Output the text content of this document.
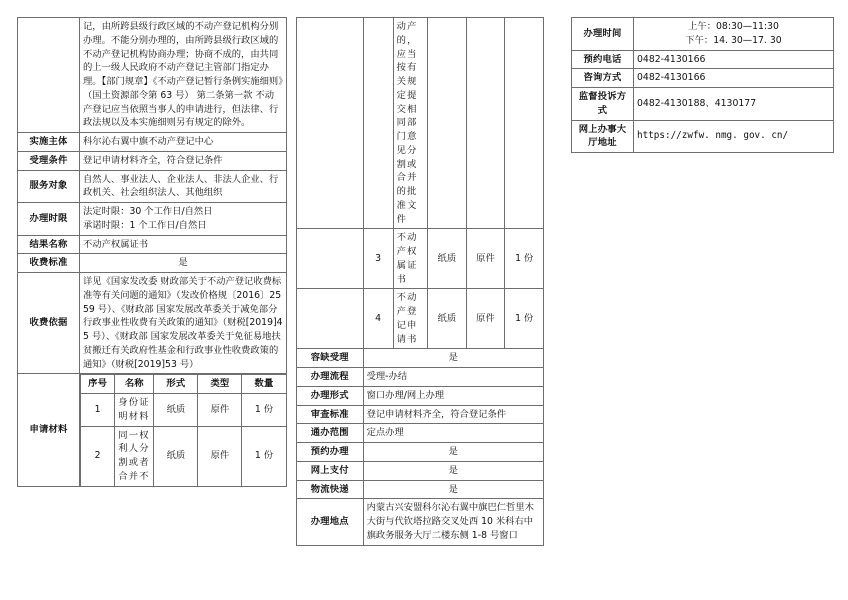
	记，由所跨县级行政区域的不动产登记机构分别办理。不能分别办理的，由所跨县级行政区域的不动产登记机构协商办理；协商不成的，由共同的上一级人民政府不动产登记主管部门指定办理。【部门规章】《不动产登记暂行条例实施细则》（国土资源部令第 63 号） 第二条第一款 不动产登记应当依照当事人的申请进行，但法律、行政法规以及本实施细则另有规定的除外。
实施主体	科尔沁右翼中旗不动产登记中心
受理条件	登记申请材料齐全，符合登记条件
服务对象	自然人、事业法人、企业法人、非法人企业、行政机关、社会组织法人、其他组织
办理时限	法定时限：30 个工作日/自然日
承诺时限：1 个工作日/自然日
结果名称	不动产权属证书
收费标准	是
收费依据	详见《国家发改委 财政部关于不动产登记收费标准等有关问题的通知》（发改价格规〔2016〕2559 号）、《财政部 国家发展改革委关于减免部分行政事业性收费有关政策的通知》（财税[2019]45 号）、《财政部 国家发展改革委关于免征易地扶贫搬迁有关政府性基金和行政事业性收费政策的通知》（财税[2019]53 号）
申请材料	
序号	名称	形式	类型	数量
1	身份证明材料	纸质	原件	1 份
2	同一权利人分割或者合并不	纸质	原件	1 份
		动产的，应当按有关规定提交相同部门意见分割或合并的批准文件			
	3	不动产权属证书	纸质	原件	1 份
	4	不动产登记申请书	纸质	原件	1 份
容缺受理	是				
办理流程	受理-办结				
办理形式	窗口办理/网上办理				
审查标准	登记申请材料齐全，符合登记条件				
通办范围	定点办理				
预约办理	是				
网上支付	是				
物流快递	是				
办理地点	内蒙古兴安盟科尔沁右翼中旗巴仁哲里木大街与代钦塔拉路交叉处西 10 米科右中旗政务服务大厅二楼东侧 1-8 号窗口				
办理时间	上午：08:30—11:30
下午：14. 30—17. 30
预约电话	0482-4130166
咨询方式	0482-4130166
监督投诉方式	0482-4130188、4130177
网上办事大厅地址	https://zwfw. nmg. gov. cn/
